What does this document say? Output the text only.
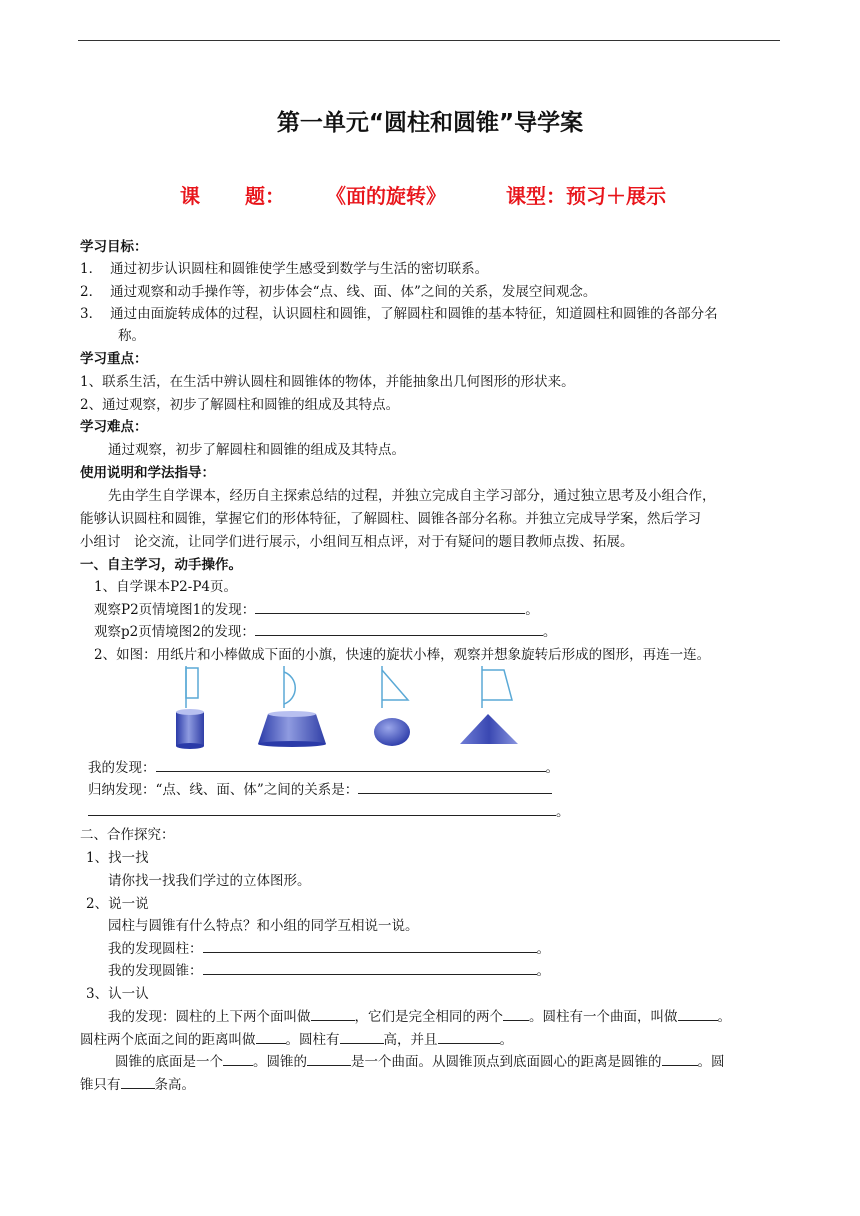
第一单元“圆柱和圆锥”导学案
课 题： 《面的旋转》	课型：预习＋展示
学习目标：
1． 通过初步认识圆柱和圆锥使学生感受到数学与生活的密切联系。
2． 通过观察和动手操作等，初步体会“点、线、面、体”之间的关系，发展空间观念。
3． 通过由面旋转成体的过程，认识圆柱和圆锥，了解圆柱和圆锥的基本特征，知道圆柱和圆锥的各部分名
称。
学习重点：
1、联系生活，在生活中辨认圆柱和圆锥体的物体，并能抽象出几何图形的形状来。
2、通过观察，初步了解圆柱和圆锥的组成及其特点。
学习难点：
通过观察，初步了解圆柱和圆锥的组成及其特点。
使用说明和学法指导：
先由学生自学课本，经历自主探索总结的过程，并独立完成自主学习部分，通过独立思考及小组合作，
能够认识圆柱和圆锥，掌握它们的形体特征，了解圆柱、圆锥各部分名称。并独立完成导学案，然后学习
小组讨　论交流，让同学们进行展示，小组间互相点评，对于有疑问的题目教师点拨、拓展。
一、自主学习，动手操作。
1、自学课本P2-P4页。
观察P2页情境图1的发现：	。
观察p2页情境图2的发现：	。
2、如图：用纸片和小棒做成下面的小旗，快速的旋状小棒，观察并想象旋转后形成的图形，再连一连。
我的发现：	。
归纳发现：“点、线、面、体”之间的关系是：
。
二、合作探究：
1、找一找
请你找一找我们学过的立体图形。
2、说一说
园柱与圆锥有什么特点？和小组的同学互相说一说。
我的发现圆柱：	。
我的发现圆锥：	。
3、认一认
我的发现：圆柱的上下两个面叫做	，它们是完全相同的两个 。圆柱有一个曲面，叫做	。
圆柱两个底面之间的距离叫做 。圆柱有	高，并且	。
圆锥的底面是一个 。圆锥的	是一个曲面。从圆锥顶点到底面圆心的距离是圆锥的	。圆
锥只有	条高。
